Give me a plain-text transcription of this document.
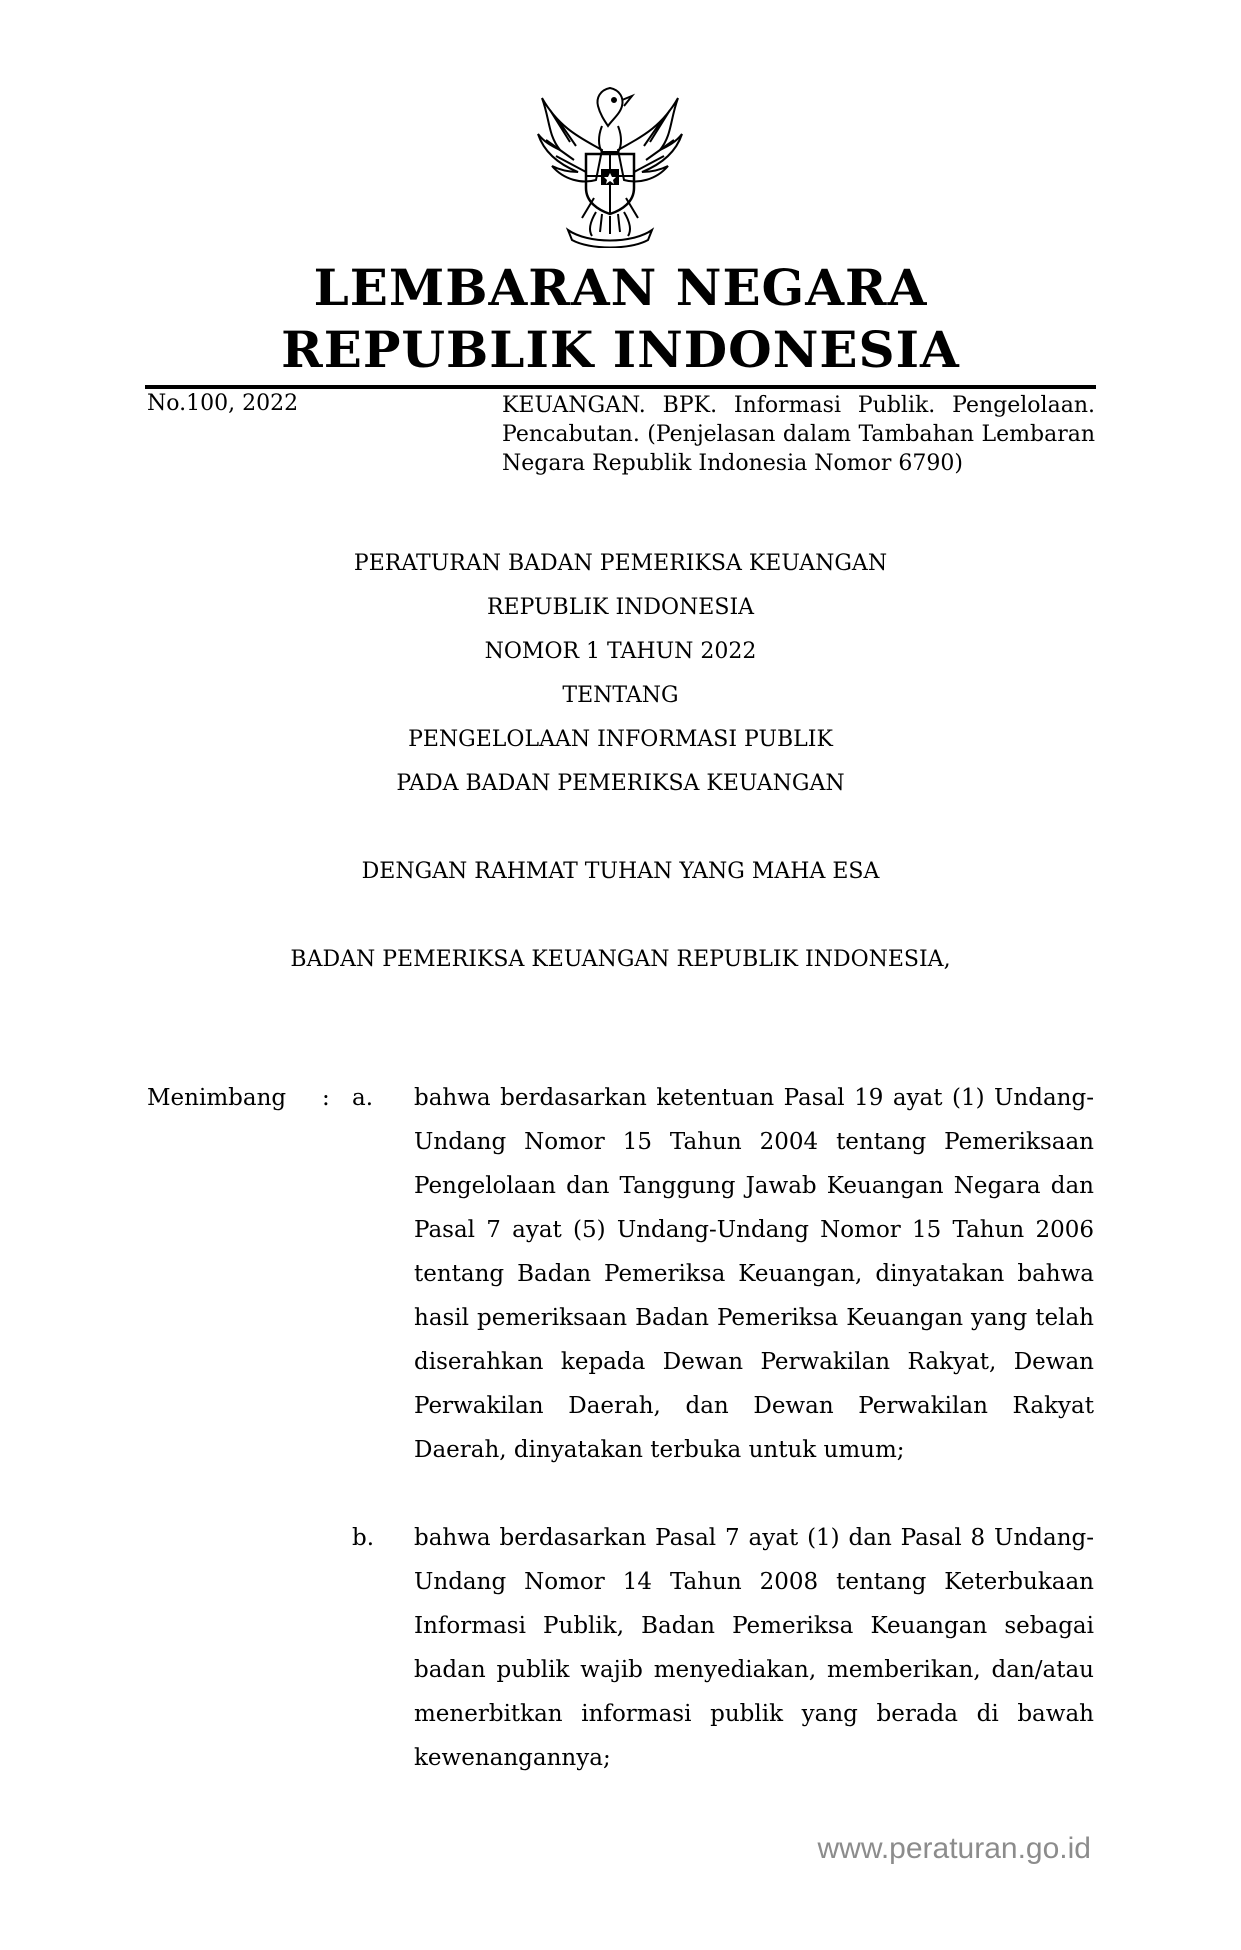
LEMBARAN NEGARA
REPUBLIK INDONESIA
No.100, 2022	KEUANGAN. BPK. Informasi Publik. Pengelolaan. Pencabutan. (Penjelasan dalam Tambahan Lembaran Negara Republik Indonesia Nomor 6790)
PERATURAN BADAN PEMERIKSA KEUANGAN
REPUBLIK INDONESIA
NOMOR 1 TAHUN 2022
TENTANG
PENGELOLAAN INFORMASI PUBLIK
PADA BADAN PEMERIKSA KEUANGAN
DENGAN RAHMAT TUHAN YANG MAHA ESA
BADAN PEMERIKSA KEUANGAN REPUBLIK INDONESIA,
Menimbang : a. bahwa berdasarkan ketentuan Pasal 19 ayat (1) Undang-Undang Nomor 15 Tahun 2004 tentang Pemeriksaan Pengelolaan dan Tanggung Jawab Keuangan Negara dan Pasal 7 ayat (5) Undang-Undang Nomor 15 Tahun 2006 tentang Badan Pemeriksa Keuangan, dinyatakan bahwa hasil pemeriksaan Badan Pemeriksa Keuangan yang telah diserahkan kepada Dewan Perwakilan Rakyat, Dewan Perwakilan Daerah, dan Dewan Perwakilan Rakyat Daerah, dinyatakan terbuka untuk umum;
b. bahwa berdasarkan Pasal 7 ayat (1) dan Pasal 8 Undang-Undang Nomor 14 Tahun 2008 tentang Keterbukaan Informasi Publik, Badan Pemeriksa Keuangan sebagai badan publik wajib menyediakan, memberikan, dan/atau menerbitkan informasi publik yang berada di bawah kewenangannya;
www.peraturan.go.id
